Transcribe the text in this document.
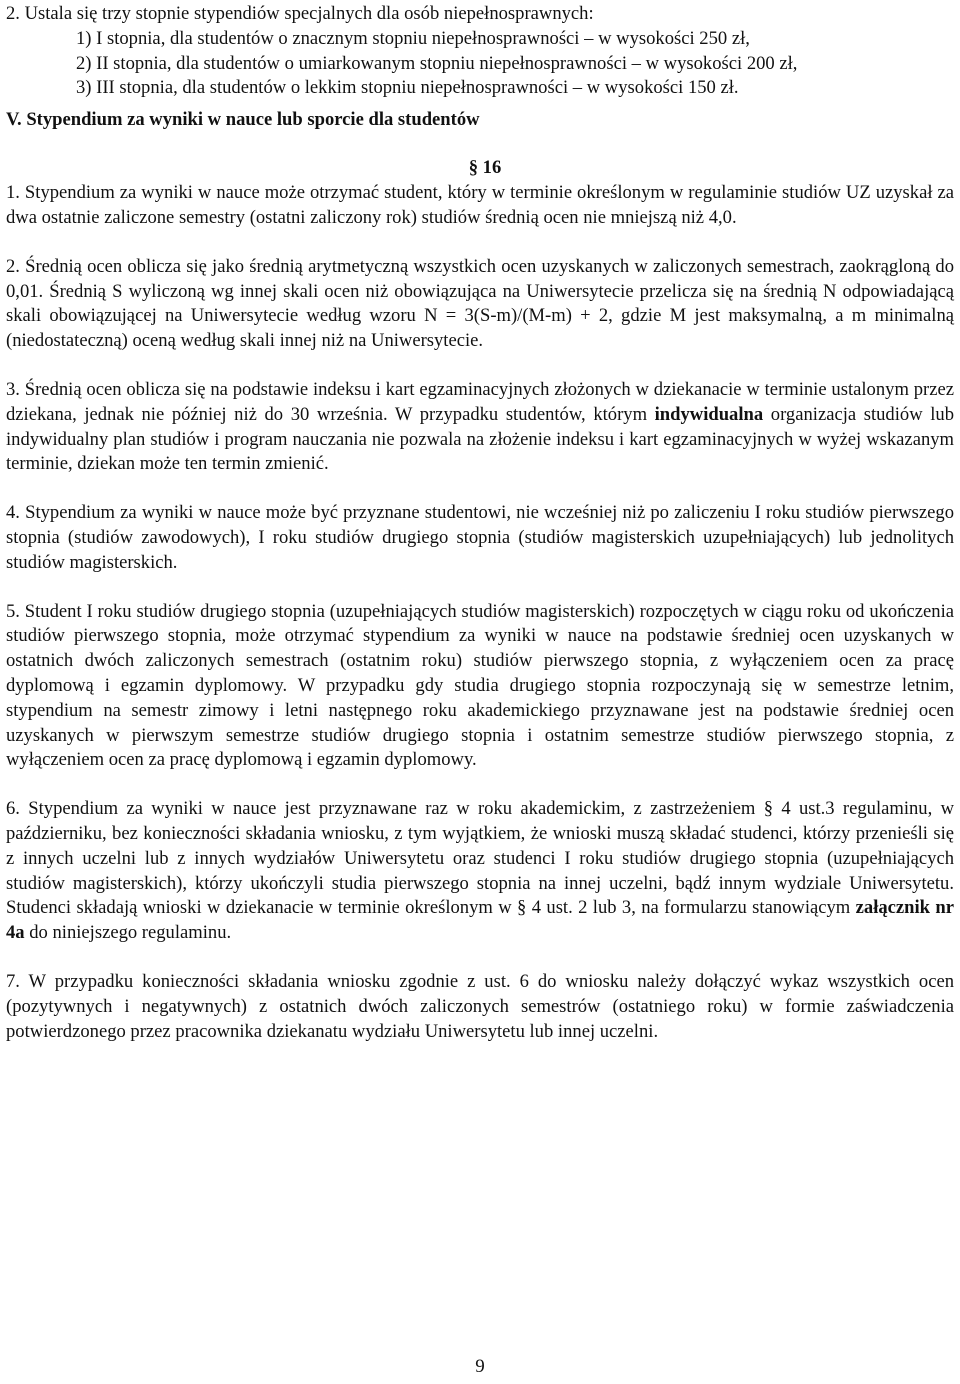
2. Ustala się trzy stopnie stypendiów specjalnych dla osób niepełnosprawnych:
1) I stopnia, dla studentów o znacznym stopniu niepełnosprawności – w wysokości 250 zł,
2) II stopnia, dla studentów o umiarkowanym stopniu niepełnosprawności – w wysokości 200 zł,
3) III stopnia, dla studentów o lekkim stopniu niepełnosprawności – w wysokości 150 zł.
V. Stypendium za wyniki w nauce lub sporcie dla studentów
§ 16
1. Stypendium za wyniki w nauce może otrzymać student, który w terminie określonym w regulaminie studiów UZ uzyskał za dwa ostatnie zaliczone semestry (ostatni zaliczony rok) studiów średnią ocen nie mniejszą niż 4,0.
2. Średnią ocen oblicza się jako średnią arytmetyczną wszystkich ocen uzyskanych w zaliczonych semestrach, zaokrągloną do 0,01. Średnią S wyliczoną wg innej skali ocen niż obowiązująca na Uniwersytecie przelicza się na średnią N odpowiadającą skali obowiązującej na Uniwersytecie według wzoru N = 3(S-m)/(M-m) + 2, gdzie M jest maksymalną, a m minimalną (niedostateczną) oceną według skali innej niż na Uniwersytecie.
3. Średnią ocen oblicza się na podstawie indeksu i kart egzaminacyjnych złożonych w dziekanacie w terminie ustalonym przez dziekana, jednak nie później niż do 30 września. W przypadku studentów, którym indywidualna organizacja studiów lub indywidualny plan studiów i program nauczania nie pozwala na złożenie indeksu i kart egzaminacyjnych w wyżej wskazanym terminie, dziekan może ten termin zmienić.
4. Stypendium za wyniki w nauce może być przyznane studentowi, nie wcześniej niż po zaliczeniu I roku studiów pierwszego stopnia (studiów zawodowych), I roku studiów drugiego stopnia (studiów magisterskich uzupełniających) lub jednolitych studiów magisterskich.
5. Student I roku studiów drugiego stopnia (uzupełniających studiów magisterskich) rozpoczętych w ciągu roku od ukończenia studiów pierwszego stopnia, może otrzymać stypendium za wyniki w nauce na podstawie średniej ocen uzyskanych w ostatnich dwóch zaliczonych semestrach (ostatnim roku) studiów pierwszego stopnia, z wyłączeniem ocen za pracę dyplomową i egzamin dyplomowy. W przypadku gdy studia drugiego stopnia rozpoczynają się w semestrze letnim, stypendium na semestr zimowy i letni następnego roku akademickiego przyznawane jest na podstawie średniej ocen uzyskanych w pierwszym semestrze studiów drugiego stopnia i ostatnim semestrze studiów pierwszego stopnia, z wyłączeniem ocen za pracę dyplomową i egzamin dyplomowy.
6. Stypendium za wyniki w nauce jest przyznawane raz w roku akademickim, z zastrzeżeniem § 4 ust.3 regulaminu, w październiku, bez konieczności składania wniosku, z tym wyjątkiem, że wnioski muszą składać studenci, którzy przenieśli się z innych uczelni lub z innych wydziałów Uniwersytetu oraz studenci I roku studiów drugiego stopnia (uzupełniających studiów magisterskich), którzy ukończyli studia pierwszego stopnia na innej uczelni, bądź innym wydziale Uniwersytetu. Studenci składają wnioski w dziekanacie w terminie określonym w § 4 ust. 2 lub 3, na formularzu stanowiącym załącznik nr 4a do niniejszego regulaminu.
7. W przypadku konieczności składania wniosku zgodnie z ust. 6 do wniosku należy dołączyć wykaz wszystkich ocen (pozytywnych i negatywnych) z ostatnich dwóch zaliczonych semestrów (ostatniego roku) w formie zaświadczenia potwierdzonego przez pracownika dziekanatu wydziału Uniwersytetu lub innej uczelni.
9
